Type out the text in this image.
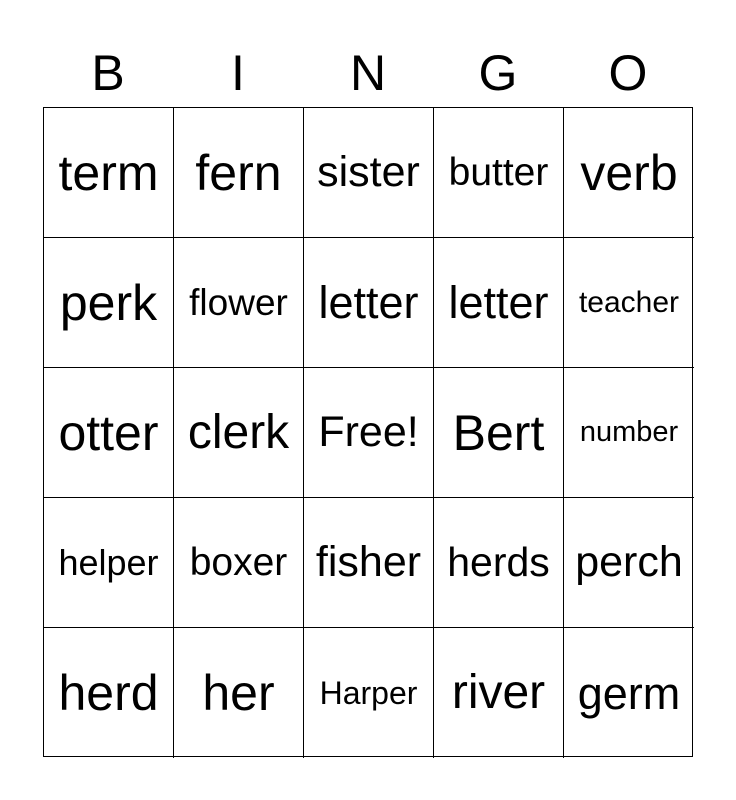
B	I	N	G	O
term fern sister butter verb
perk flower letter letter teacher
otter clerk Free! Bert number
helper boxer fisher herds perch
herd her Harper river germ
